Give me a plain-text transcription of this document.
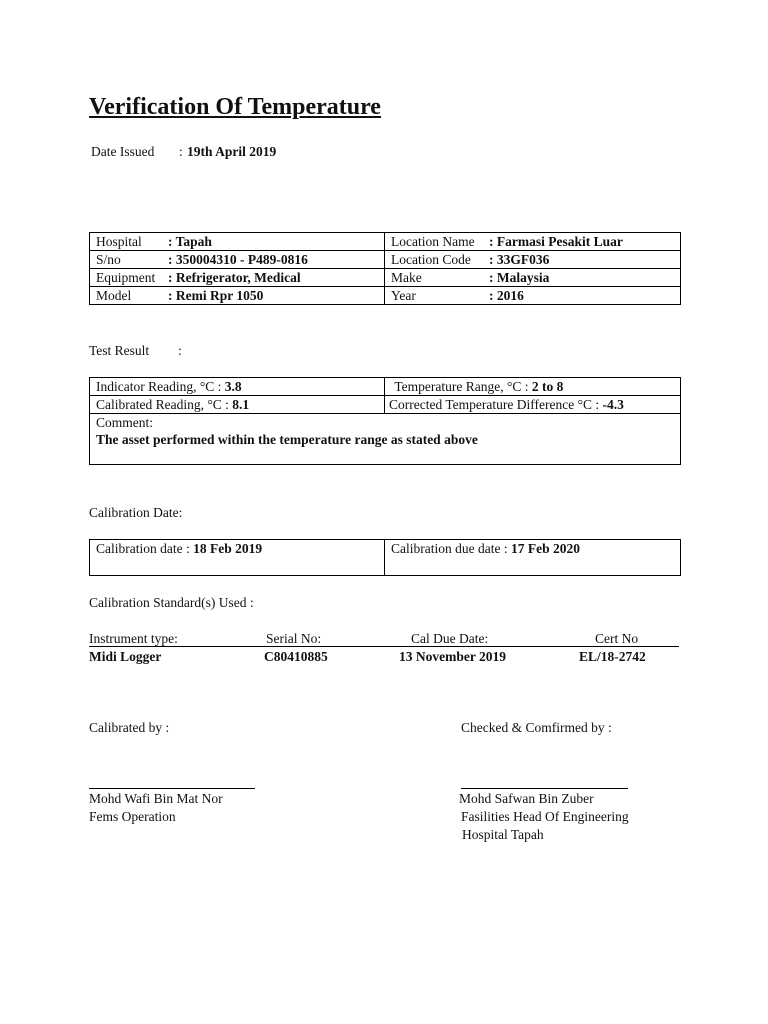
Verification Of Temperature
Date Issued : 19th April 2019
Hospital : Tapah	Location Name : Farmasi Pesakit Luar
S/no : 350004310 - P489-0816	Location Code : 33GF036
Equipment : Refrigerator, Medical	Make : Malaysia
Model : Remi Rpr 1050	Year : 2016
Test Result :
Indicator Reading, °C : 3.8	Temperature Range, °C : 2 to 8
Calibrated Reading, °C : 8.1	Corrected Temperature Difference °C : -4.3

Comment:
The asset performed within the temperature range as stated above	
Calibration Date:
Calibration date : 18 Feb 2019	Calibration due date : 17 Feb 2020
Calibration Standard(s) Used :
Instrument type:	Serial No:	Cal Due Date:	Cert No
Midi Logger	C80410885	13 November 2019	EL/18-2742
Calibrated by :	Checked & Comfirmed by :
Mohd Wafi Bin Mat Nor
Fems Operation
Mohd Safwan Bin Zuber
Fasilities Head Of Engineering
Hospital Tapah
